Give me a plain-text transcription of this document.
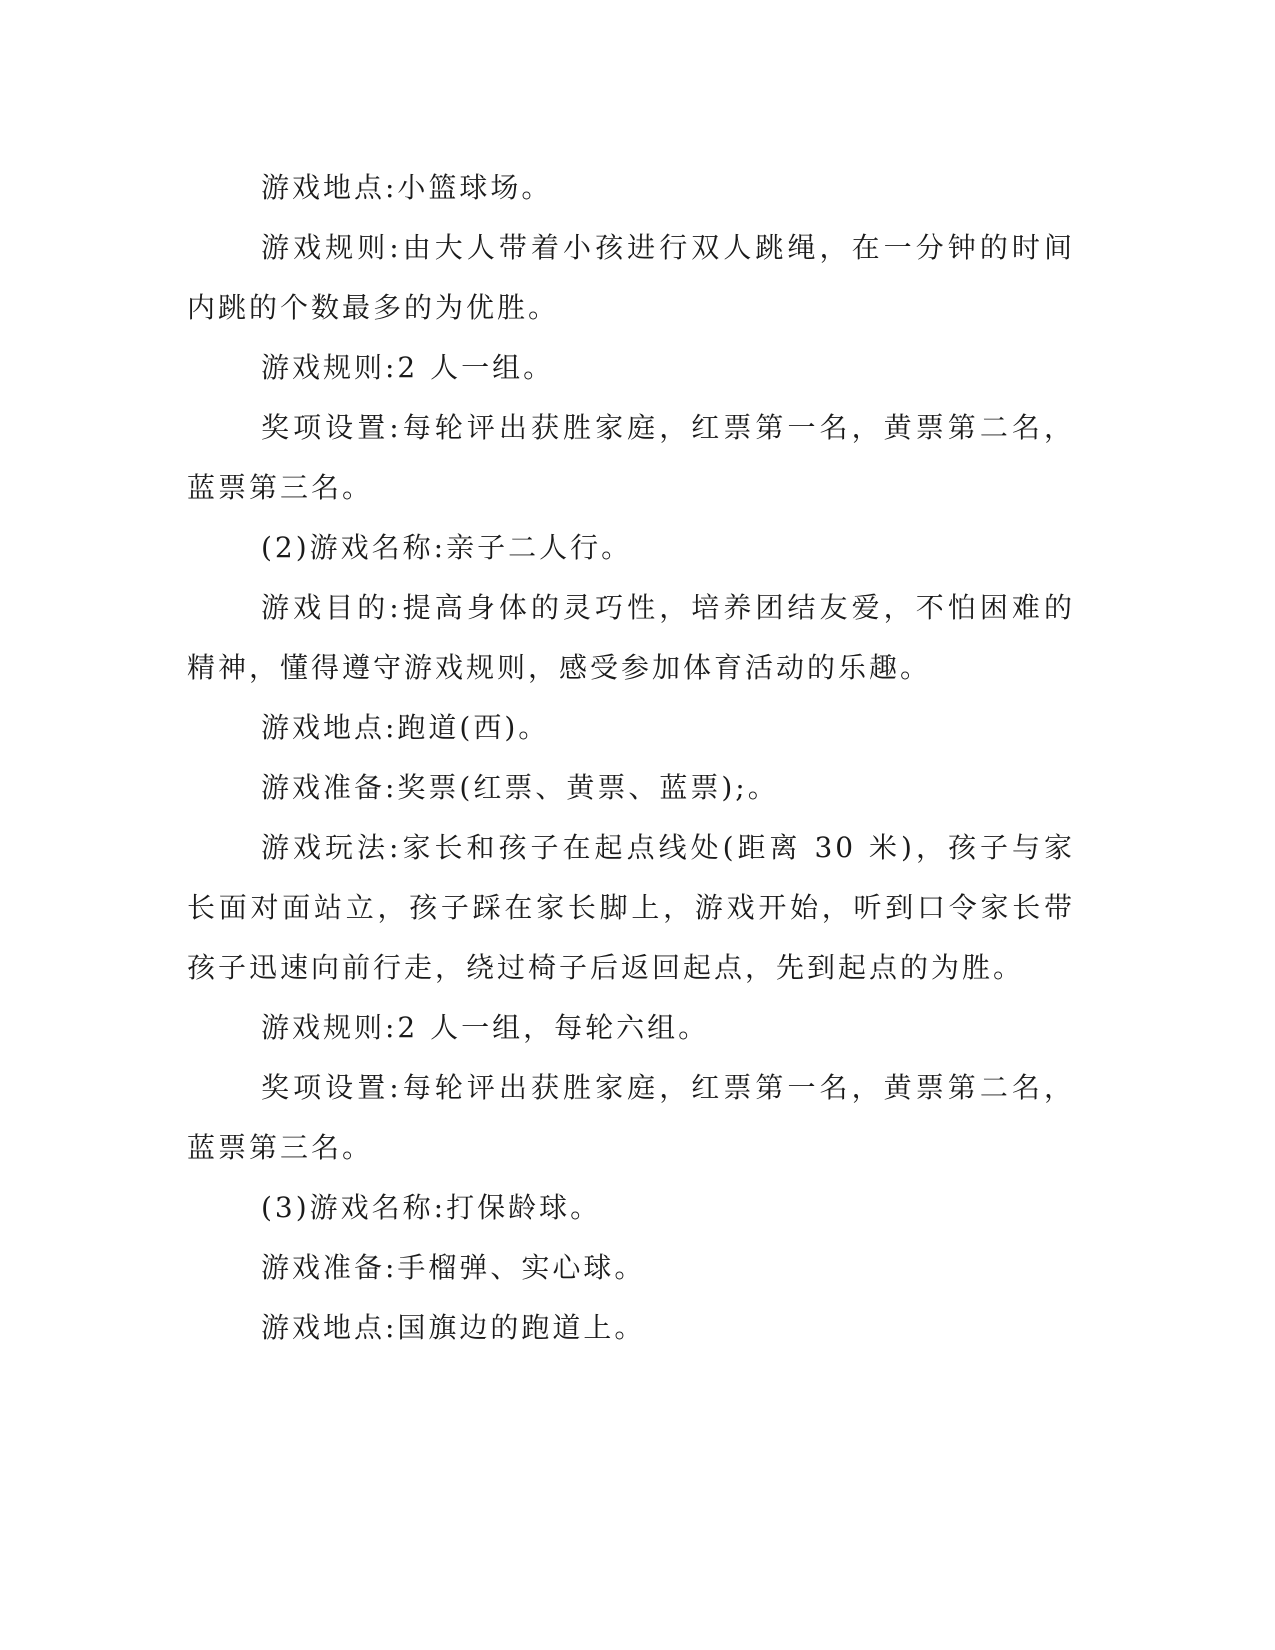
游戏地点:小篮球场。

游戏规则:由大人带着小孩进行双人跳绳，在一分钟的时间内跳的个数最多的为优胜。

游戏规则:2 人一组。

奖项设置:每轮评出获胜家庭，红票第一名，黄票第二名，蓝票第三名。

(2)游戏名称:亲子二人行。

游戏目的:提高身体的灵巧性，培养团结友爱，不怕困难的精神，懂得遵守游戏规则，感受参加体育活动的乐趣。

游戏地点:跑道(西)。

游戏准备:奖票(红票、黄票、蓝票);。

游戏玩法:家长和孩子在起点线处(距离 30 米)，孩子与家长面对面站立，孩子踩在家长脚上，游戏开始，听到口令家长带孩子迅速向前行走，绕过椅子后返回起点，先到起点的为胜。

游戏规则:2 人一组，每轮六组。

奖项设置:每轮评出获胜家庭，红票第一名，黄票第二名，蓝票第三名。

(3)游戏名称:打保龄球。

游戏准备:手榴弹、实心球。

游戏地点:国旗边的跑道上。
